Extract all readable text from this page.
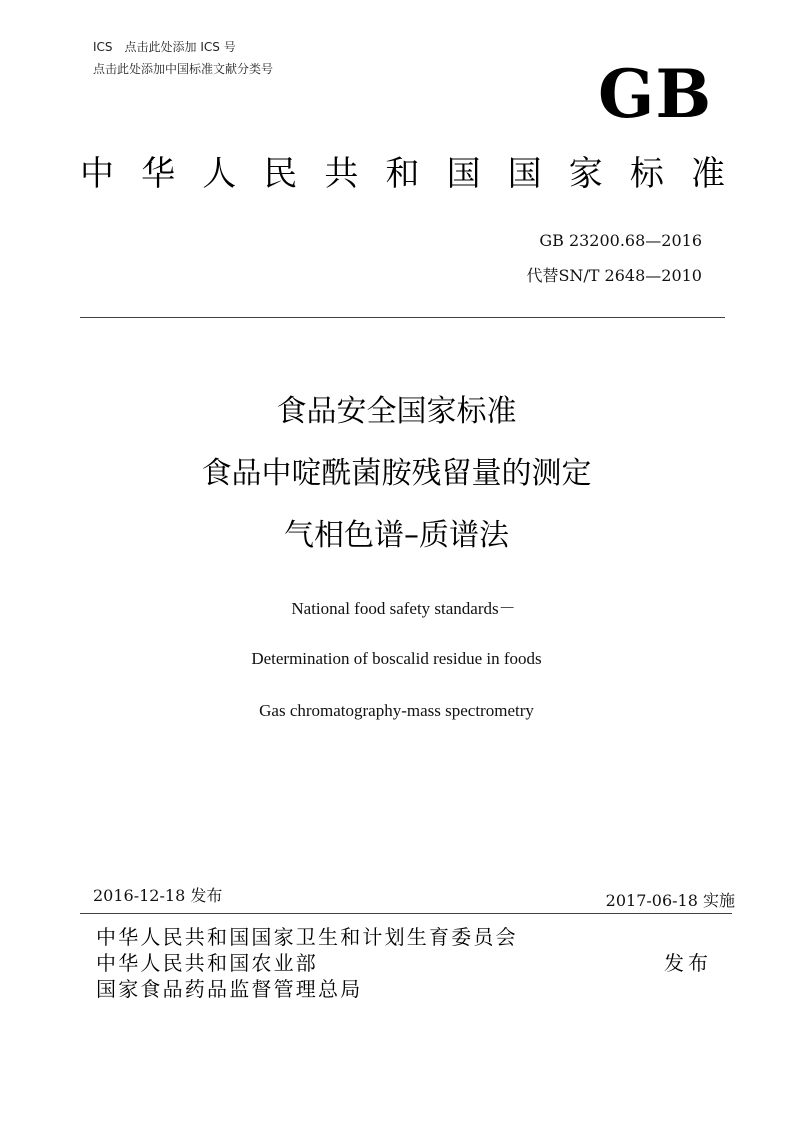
ICS　点击此处添加 ICS 号
点击此处添加中国标准文献分类号	GB
中 华 人 民 共 和 国 国 家 标 准
GB 23200.68—2016
代替SN/T 2648—2010
食品安全国家标准
食品中啶酰菌胺残留量的测定
气相色谱–质谱法
National food safety standards－
Determination of boscalid residue in foods
Gas chromatography-mass spectrometry
2016-12-18 发布	2017-06-18 实施
中华人民共和国国家卫生和计划生育委员会
中华人民共和国农业部
国家食品药品监督管理总局
发布
